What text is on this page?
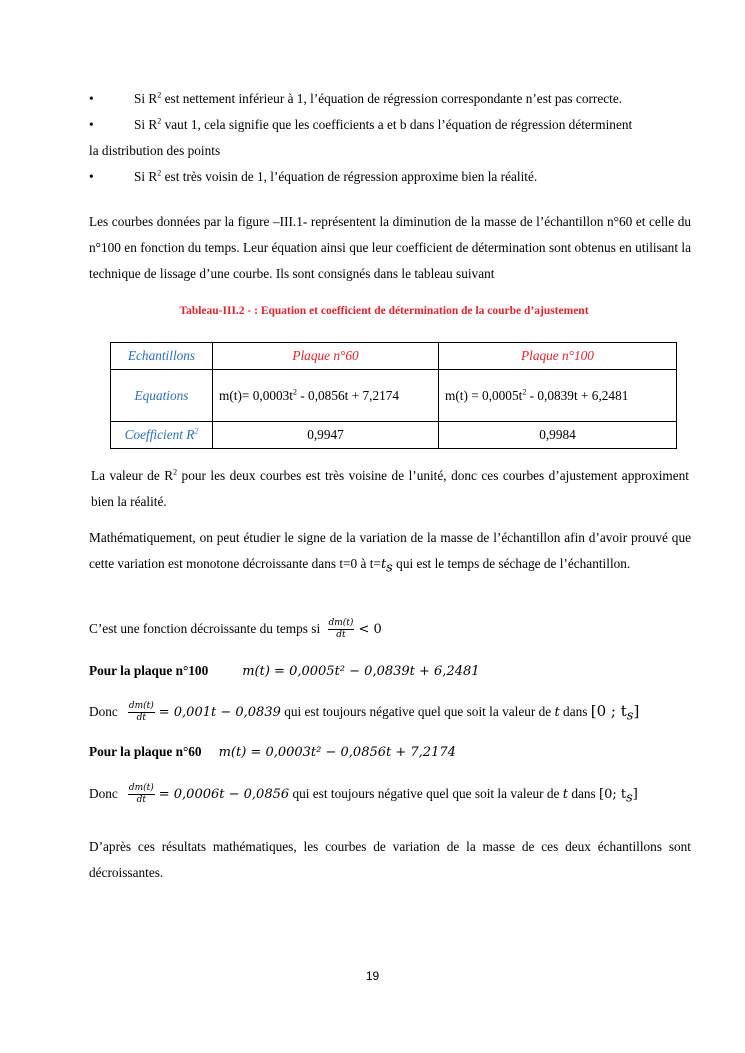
•	Si $R^2$ est nettement inférieur à 1, l’équation de régression correspondante n’est pas correcte.
•	Si $R^2$ vaut 1, cela signifie que les coefficients a et b dans l’équation de régression déterminent
la distribution des points
•	Si $R^2$ est très voisin de 1, l’équation de régression approxime bien la réalité.
Les courbes données par la figure –III.1- représentent la diminution de la masse de l’échantillon n°60 et celle du n°100 en fonction du temps. Leur équation ainsi que leur coefficient de détermination sont obtenus en utilisant la technique de lissage d’une courbe. Ils sont consignés dans le tableau suivant
Tableau-III.2 - : Equation et coefficient de détermination de la courbe d’ajustement
Echantillons	Plaque n°60	Plaque n°100
Equations	$m(t)= 0,0003t^2 - 0,0856t + 7,2174$	$m(t) = 0,0005t^2 - 0,0839t + 6,2481$
Coefficient $R^2$	0,9947	0,9984
La valeur de $R^2$ pour les deux courbes est très voisine de l’unité, donc ces courbes d’ajustement approximent bien la réalité.
Mathématiquement, on peut étudier le signe de la variation de la masse de l’échantillon afin d’avoir prouvé que cette variation est monotone décroissante dans t=0 à $t=t_s$ qui est le temps de séchage de l’échantillon.
C’est une fonction décroissante du temps si $\frac{dm(t)}{dt} < 0$
Pour la plaque n°100	m(t) = 0,0005t² − 0,0839t + 6,2481
Donc $\frac{dm(t)}{dt} = 0,001t - 0,0839$ qui est toujours négative quel que soit la valeur de t dans [0 ; $t_s$]
Pour la plaque n°60 m(t) = 0,0003t² − 0,0856t + 7,2174
Donc $\frac{dm(t)}{dt} = 0,0006t - 0,0856$ qui est toujours négative quel que soit la valeur de t dans [0; $t_s$]
D’après ces résultats mathématiques, les courbes de variation de la masse de ces deux échantillons sont décroissantes.
19
